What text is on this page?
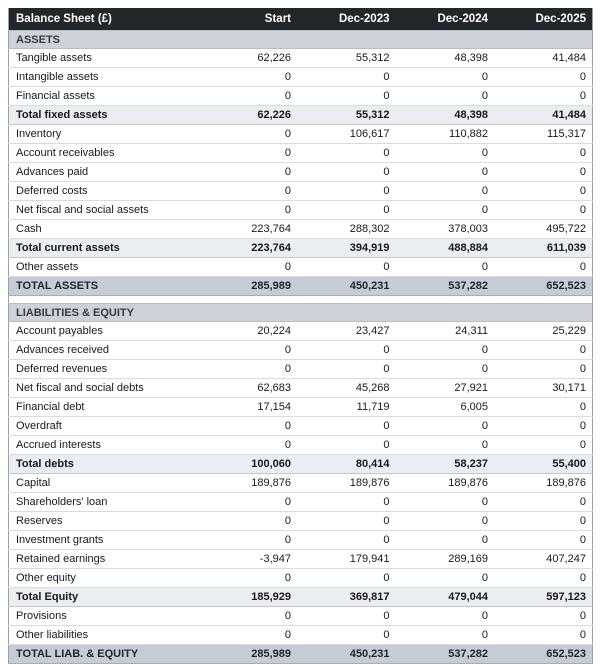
Balance Sheet (£)	Start	Dec-2023	Dec-2024	Dec-2025
ASSETS				
Tangible assets	62,226	55,312	48,398	41,484
Intangible assets	0	0	0	0
Financial assets	0	0	0	0
Total fixed assets	62,226	55,312	48,398	41,484
Inventory	0	106,617	110,882	115,317
Account receivables	0	0	0	0
Advances paid	0	0	0	0
Deferred costs	0	0	0	0
Net fiscal and social assets	0	0	0	0
Cash	223,764	288,302	378,003	495,722
Total current assets	223,764	394,919	488,884	611,039
Other assets	0	0	0	0
TOTAL ASSETS	285,989	450,231	537,282	652,523

LIABILITIES & EQUITY				
Account payables	20,224	23,427	24,311	25,229
Advances received	0	0	0	0
Deferred revenues	0	0	0	0
Net fiscal and social debts	62,683	45,268	27,921	30,171
Financial debt	17,154	11,719	6,005	0
Overdraft	0	0	0	0
Accrued interests	0	0	0	0
Total debts	100,060	80,414	58,237	55,400
Capital	189,876	189,876	189,876	189,876
Shareholders' loan	0	0	0	0
Reserves	0	0	0	0
Investment grants	0	0	0	0
Retained earnings	-3,947	179,941	289,169	407,247
Other equity	0	0	0	0
Total Equity	185,929	369,817	479,044	597,123
Provisions	0	0	0	0
Other liabilities	0	0	0	0
TOTAL LIAB. & EQUITY	285,989	450,231	537,282	652,523
